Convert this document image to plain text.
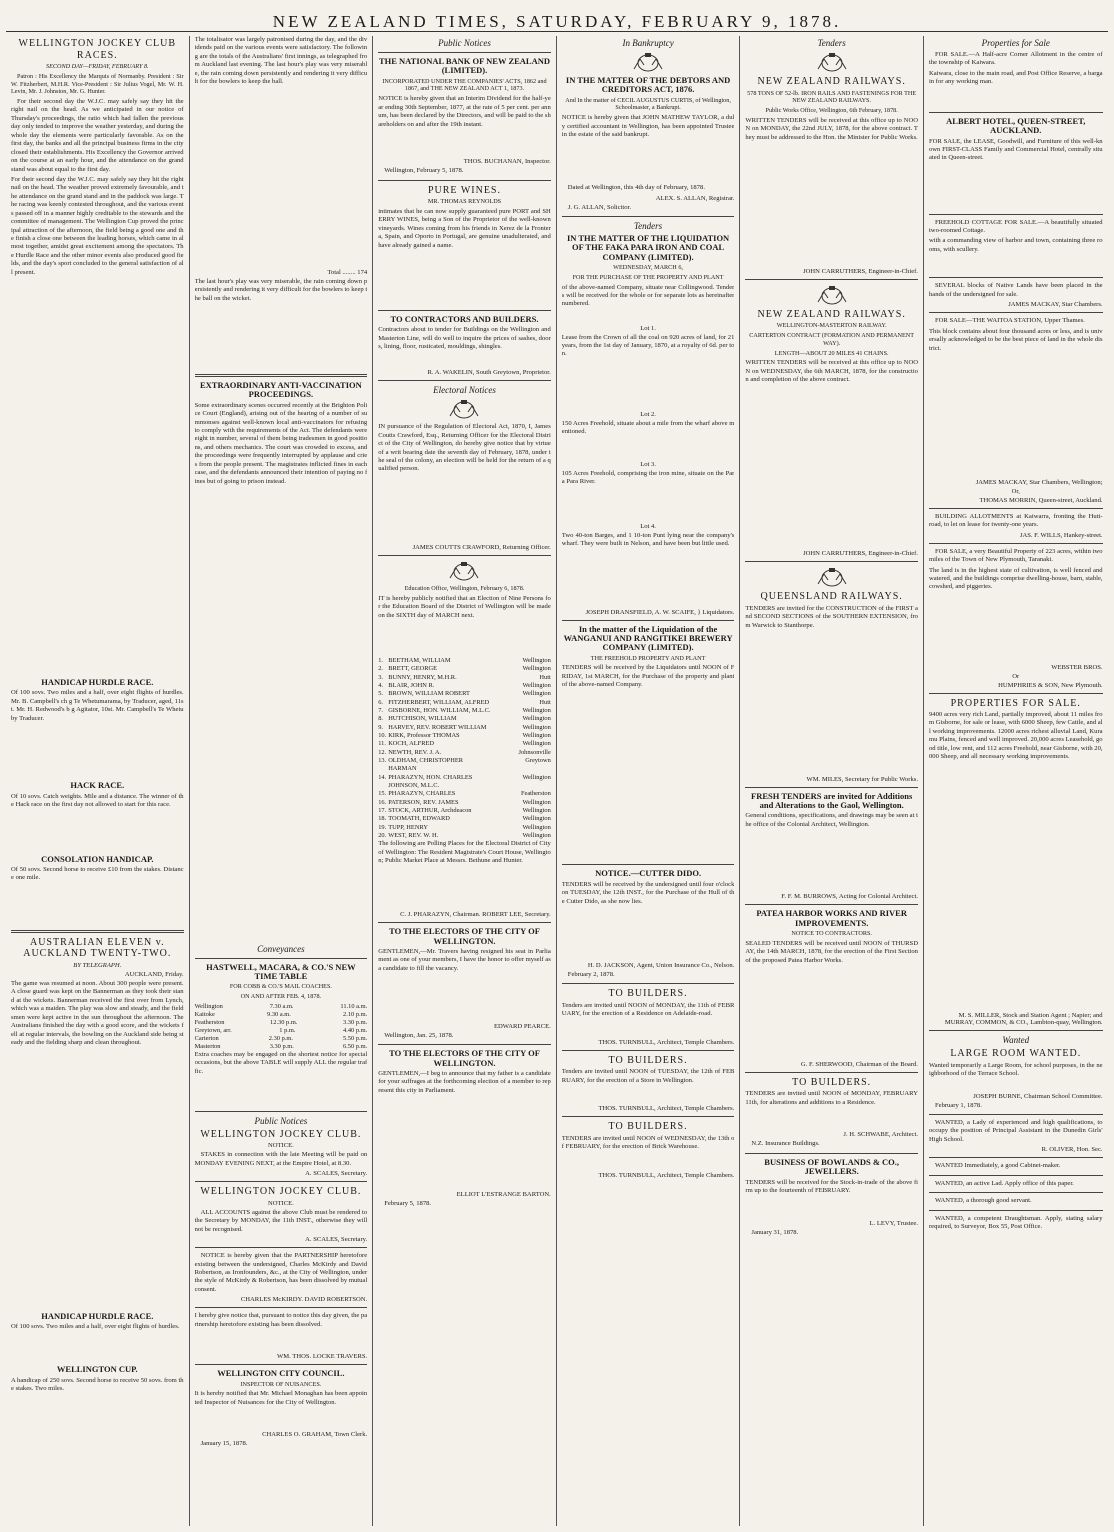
NEW ZEALAND TIMES, SATURDAY, FEBRUARY 9, 1878.
WELLINGTON JOCKEY CLUB RACES.
SECOND DAY—FRIDAY, FEBRUARY 8.
Patron : His Excellency the Marquis of Normanby. President : Sir W. Fitzherbert, M.H.R. Vice-President : Sir Julius Vogel, Mr. W. H. Levin, Mr. J. Johnston, Mr. G. Hunter.
For their second day the W.J.C. may safely say they hit the right nail on the head. As we anticipated in our notice of Thursday's proceedings, the ratio which had fallen the previous day only tended to improve the weather yesterday, and during the whole day the elements were particularly favorable. As on the first day, the banks and all the principal business firms in the city closed their establishments. His Excellency the Governor arrived on the course at an early hour, and the attendance on the grand stand was about equal to the first day.
For their second day the W.J.C. may safely say they hit the right nail on the head. The weather proved extremely favourable, and the attendance on the grand stand and in the paddock was large. The racing was keenly contested throughout, and the various events passed off in a manner highly creditable to the stewards and the committee of management. The Wellington Cup proved the principal attraction of the afternoon, the field being a good one and the finish a close one between the leading horses, which came in almost together, amidst great excitement among the spectators. The Hurdle Race and the other minor events also produced good fields, and the day's sport concluded to the general satisfaction of all present.
HANDICAP HURDLE RACE.
Of 100 sovs. Two miles and a half, over eight flights of hurdles. Mr. B. Campbell's ch g Te Whetumarama, by Traducer, aged, 11st. Mr. H. Redwood's b g Agitator, 10st. Mr. Campbell's Te Whetu by Traducer.
HACK RACE.
Of 10 sovs. Catch weights. Mile and a distance. The winner of the Hack race on the first day not allowed to start for this race.
CONSOLATION HANDICAP.
Of 50 sovs. Second horse to receive £10 from the stakes. Distance one mile.
AUSTRALIAN ELEVEN v. AUCKLAND TWENTY-TWO.
BY TELEGRAPH.
AUCKLAND, Friday.
The game was resumed at noon. About 300 people were present. A close guard was kept on the Bannerman as they took their stand at the wickets. Bannerman received the first over from Lynch, which was a maiden. The play was slow and steady, and the fieldsmen were kept active in the sun throughout the afternoon. The Australians finished the day with a good score, and the wickets fell at regular intervals, the bowling on the Auckland side being steady and the fielding sharp and clean throughout.
HANDICAP HURDLE RACE.
Of 100 sovs. Two miles and a half, over eight flights of hurdles.
WELLINGTON CUP.
A handicap of 250 sovs. Second horse to receive 50 sovs. from the stakes. Two miles.
The totalisator was largely patronised during the day, and the dividends paid on the various events were satisfactory. The following are the totals of the Australians' first innings, as telegraphed from Auckland last evening. The last hour's play was very miserable, the rain coming down persistently and rendering it very difficult for the bowlers to keep the ball.
Total ........ 174
The last hour's play was very miserable, the rain coming down persistently and rendering it very difficult for the bowlers to keep the ball on the wicket.
EXTRAORDINARY ANTI-VACCINATION PROCEEDINGS.
Some extraordinary scenes occurred recently at the Brighton Police Court (England), arising out of the hearing of a number of summonses against well-known local anti-vaccinators for refusing to comply with the requirements of the Act. The defendants were eight in number, several of them being tradesmen in good positions, and others mechanics. The court was crowded to excess, and the proceedings were frequently interrupted by applause and cries from the people present. The magistrates inflicted fines in each case, and the defendants announced their intention of paying no fines but of going to prison instead.
Conveyances
HASTWELL, MACARA, & CO.'S NEW TIME TABLE
FOR COBB & CO.'S MAIL COACHES.
ON AND AFTER FEB. 4, 1878.
Wellington	7.30 a.m.	11.10 a.m.
Kaitoke	9.30 a.m.	2.10 p.m.
Featherston	12.30 p.m.	3.30 p.m.
Greytown, arr.	1 p.m.	4.40 p.m.
Carterton	2.30 p.m.	5.50 p.m.
Masterton	3.30 p.m.	6.50 p.m.
Extra coaches may be engaged on the shortest notice for special occasions, but the above TABLE will supply ALL the regular traffic.
Public Notices
WELLINGTON JOCKEY CLUB.
NOTICE.
STAKES in connection with the late Meeting will be paid on MONDAY EVENING NEXT, at the Empire Hotel, at 8.30.
A. SCALES, Secretary.
WELLINGTON JOCKEY CLUB.
NOTICE.
ALL ACCOUNTS against the above Club must be rendered to the Secretary by MONDAY, the 11th INST., otherwise they will not be recognised.
A. SCALES, Secretary.
NOTICE is hereby given that the PARTNERSHIP heretofore existing between the undersigned, Charles McKirdy and David Robertson, as Ironfounders, &c., at the City of Wellington, under the style of McKirdy & Robertson, has been dissolved by mutual consent.
CHARLES McKIRDY. DAVID ROBERTSON.
I hereby give notice that, pursuant to notice this day given, the partnership heretofore existing has been dissolved.
WM. THOS. LOCKE TRAVERS.
WELLINGTON CITY COUNCIL.
INSPECTOR OF NUISANCES.
It is hereby notified that Mr. Michael Monaghan has been appointed Inspector of Nuisances for the City of Wellington.
CHARLES O. GRAHAM, Town Clerk.
January 15, 1878.
Public Notices
THE NATIONAL BANK OF NEW ZEALAND (LIMITED).
INCORPORATED UNDER THE COMPANIES' ACTS, 1862 and 1867, and THE NEW ZEALAND ACT 1, 1873.
NOTICE is hereby given that an Interim Dividend for the half-year ending 30th September, 1877, at the rate of 5 per cent. per annum, has been declared by the Directors, and will be paid to the shareholders on and after the 19th instant.
THOS. BUCHANAN, Inspector.
Wellington, February 5, 1878.
PURE WINES.
MR. THOMAS REYNOLDS
intimates that he can now supply guaranteed pure PORT and SHERRY WINES, being a Son of the Proprietor of the well-known vineyards. Wines coming from his friends in Xerez de la Frontera, Spain, and Oporto in Portugal, are genuine unadulterated, and have already gained a name.
TO CONTRACTORS AND BUILDERS.
Contractors about to tender for Buildings on the Wellington and Masterton Line, will do well to inquire the prices of sashes, doors, lining, floor, rusticated, mouldings, shingles.
R. A. WAKELIN, South Greytown, Proprietor.
Electoral Notices
IN pursuance of the Regulation of Electoral Act, 1870, I, James Coutts Crawford, Esq., Returning Officer for the Electoral District of the City of Wellington, do hereby give notice that by virtue of a writ bearing date the seventh day of February, 1878, under the seal of the colony, an election will be held for the return of a qualified person.
JAMES COUTTS CRAWFORD, Returning Officer.
Education Office, Wellington, February 6, 1878.
IT is hereby publicly notified that an Election of Nine Persons for the Education Board of the District of Wellington will be made on the SIXTH day of MARCH next.
1. BEETHAM, WILLIAM	Wellington
2. BRETT, GEORGE	Wellington
3. BUNNY, HENRY, M.H.R.	Hutt
4. BLAIR, JOHN R.	Wellington
5. BROWN, WILLIAM ROBERT	Wellington
6. FITZHERBERT, WILLIAM, ALFRED	Hutt
7. GISBORNE, HON. WILLIAM, M.L.C.	Wellington
8. HUTCHISON, WILLIAM	Wellington
9. HARVEY, REV. ROBERT WILLIAM	Wellington
10. KIRK, Professor THOMAS	Wellington
11. KOCH, ALFRED	Wellington
12. NEWTH, REV. J. A.	Johnsonville
13. OLDHAM, CHRISTOPHER HARMAN
Greytown
14. PHARAZYN, HON. CHARLES JOHNSON, M.L.C.
Wellington
15. PHARAZYN, CHARLES	Featherston
16. PATERSON, REV. JAMES	Wellington
17. STOCK, ARTHUR, Archdeacon	Wellington
18. TOOMATH, EDWARD	Wellington
19. TUPP, HENRY	Wellington
20. WEST, REV. W. H.	Wellington
The following are Polling Places for the Electoral District of City of Wellington: The Resident Magistrate's Court House, Wellington; Public Market Place at Messrs. Bethune and Hunter.
C. J. PHARAZYN, Chairman. ROBERT LEE, Secretary.
TO THE ELECTORS OF THE CITY OF WELLINGTON.
GENTLEMEN,—Mr. Travers having resigned his seat in Parliament as one of your members, I have the honor to offer myself as a candidate to fill the vacancy.
EDWARD PEARCE.
Wellington, Jan. 25, 1878.
TO THE ELECTORS OF THE CITY OF WELLINGTON.
GENTLEMEN,—I beg to announce that my father is a candidate for your suffrages at the forthcoming election of a member to represent this city in Parliament.
ELLIOT L'ESTRANGE BARTON.
February 5, 1878.
In Bankruptcy
IN THE MATTER OF THE DEBTORS AND CREDITORS ACT, 1876.
And In the matter of CECIL AUGUSTUS CURTIS, of Wellington, Schoolmaster, a Bankrupt.
NOTICE is hereby given that JOHN MATHEW TAYLOR, a duly certified accountant in Wellington, has been appointed Trustee in the estate of the said bankrupt.
Dated at Wellington, this 4th day of February, 1878.
ALEX. S. ALLAN, Registrar.
J. G. ALLAN, Solicitor.
Tenders
IN THE MATTER OF THE LIQUIDATION OF THE FAKA PARA IRON AND COAL COMPANY (LIMITED).
WEDNESDAY, MARCH 6,
FOR THE PURCHASE OF THE PROPERTY AND PLANT
of the above-named Company, situate near Collingwood. Tenders will be received for the whole or for separate lots as hereinafter numbered.
Lot 1.
Lease from the Crown of all the coal on 920 acres of land, for 21 years, from the 1st day of January, 1870, at a royalty of 6d. per ton.
Lot 2.
150 Acres Freehold, situate about a mile from the wharf above mentioned.
Lot 3.
105 Acres Freehold, comprising the iron mine, situate on the Para Para River.
Lot 4.
Two 40-ton Barges, and 1 10-ton Punt lying near the company's wharf. They were built in Nelson, and have been but little used.
JOSEPH DRANSFIELD, A. W. SCAIFE, } Liquidators.
In the matter of the Liquidation of the WANGANUI AND RANGITIKEI BREWERY COMPANY (LIMITED).
THE FREEHOLD PROPERTY AND PLANT
TENDERS will be received by the Liquidators until NOON of FRIDAY, 1st MARCH, for the Purchase of the property and plant of the above-named Company.
NOTICE.—CUTTER DIDO.
TENDERS will be received by the undersigned until four o'clock on TUESDAY, the 12th INST., for the Purchase of the Hull of the Cutter Dido, as she now lies.
H. D. JACKSON, Agent, Union Insurance Co., Nelson.
February 2, 1878.
TO BUILDERS.
Tenders are invited until NOON of MONDAY, the 11th of FEBRUARY, for the erection of a Residence on Adelaide-road.
THOS. TURNBULL, Architect, Temple Chambers.
TO BUILDERS.
Tenders are invited until NOON of TUESDAY, the 12th of FEBRUARY, for the erection of a Store in Wellington.
THOS. TURNBULL, Architect, Temple Chambers.
TO BUILDERS.
TENDERS are invited until NOON of WEDNESDAY, the 13th of FEBRUARY, for the erection of Brick Warehouse.
THOS. TURNBULL, Architect, Temple Chambers.
Tenders
NEW ZEALAND RAILWAYS.
578 TONS OF 52-lb. IRON RAILS AND FASTENINGS FOR THE NEW ZEALAND RAILWAYS.
Public Works Office, Wellington, 6th February, 1878.
WRITTEN TENDERS will be received at this office up to NOON on MONDAY, the 22nd JULY, 1878, for the above contract. They must be addressed to the Hon. the Minister for Public Works.
JOHN CARRUTHERS, Engineer-in-Chief.
NEW ZEALAND RAILWAYS.
WELLINGTON-MASTERTON RAILWAY.
CARTERTON CONTRACT (FORMATION AND PERMANENT WAY).
LENGTH—ABOUT 20 MILES 41 CHAINS.
WRITTEN TENDERS will be received at this office up to NOON on WEDNESDAY, the 6th MARCH, 1878, for the construction and completion of the above contract.
JOHN CARRUTHERS, Engineer-in-Chief.
QUEENSLAND RAILWAYS.
TENDERS are invited for the CONSTRUCTION of the FIRST and SECOND SECTIONS of the SOUTHERN EXTENSION, from Warwick to Stanthorpe.
WM. MILES, Secretary for Public Works.
FRESH TENDERS are invited for Additions and Alterations to the Gaol, Wellington.
General conditions, specifications, and drawings may be seen at the office of the Colonial Architect, Wellington.
F. F. M. BURROWS, Acting for Colonial Architect.
PATEA HARBOR WORKS AND RIVER IMPROVEMENTS.
NOTICE TO CONTRACTORS.
SEALED TENDERS will be received until NOON of THURSDAY, the 14th MARCH, 1878, for the erection of the First Section of the proposed Patea Harbor Works.
G. F. SHERWOOD, Chairman of the Board.
TO BUILDERS.
TENDERS are invited until NOON of MONDAY, FEBRUARY 11th, for alterations and additions to a Residence.
J. H. SCHWABE, Architect.
N.Z. Insurance Buildings.
BUSINESS OF BOWLANDS & CO., JEWELLERS.
TENDERS will be received for the Stock-in-trade of the above firm up to the fourteenth of FEBRUARY.
L. LEVY, Trustee.
January 31, 1878.
Properties for Sale
FOR SALE.—A Half-acre Corner Allotment in the centre of the township of Kaiwara.
Kaiwara, close to the main road, and Post Office Reserve, a bargain for any working man.
ALBERT HOTEL, QUEEN-STREET, AUCKLAND.
FOR SALE, the LEASE, Goodwill, and Furniture of this well-known FIRST-CLASS Family and Commercial Hotel, centrally situated in Queen-street.
FREEHOLD COTTAGE FOR SALE.—A beautifully situated two-roomed Cottage.
with a commanding view of harbor and town, containing three rooms, with scullery.
SEVERAL blocks of Native Lands have been placed in the hands of the undersigned for sale.
JAMES MACKAY, Star Chambers.
FOR SALE—THE WAITOA STATION, Upper Thames.
This block contains about four thousand acres or less, and is universally acknowledged to be the best piece of land in the whole district.
JAMES MACKAY, Star Chambers, Wellington;
Or,
THOMAS MORRIN, Queen-street, Auckland.
BUILDING ALLOTMENTS at Kaiwarra, fronting the Hutt-road, to let on lease for twenty-one years.
JAS. F. WILLS, Hankey-street.
FOR SALE, a very Beautiful Property of 223 acres, within two miles of the Town of New Plymouth, Taranaki.
The land is in the highest state of cultivation, is well fenced and watered, and the buildings comprise dwelling-house, barn, stable, cowshed, and piggeries.
WEBSTER BROS.
Or
HUMPHRIES & SON, New Plymouth.
PROPERTIES FOR SALE.
9400 acres very rich Land, partially improved, about 11 miles from Gisborne, for sale or lease, with 6000 Sheep, few Cattle, and all working improvements. 12000 acres richest alluvial Land, Kuramu Plains, fenced and well improved. 20,000 acres Leasehold, good title, low rent, and 112 acres Freehold, near Gisborne, with 20,000 Sheep, and all necessary working improvements.
M. S. MILLER, Stock and Station Agent ; Napier; and MURRAY, COMMON, & CO., Lambton-quay, Wellington.
Wanted
LARGE ROOM WANTED.
Wanted temporarily a Large Room, for school purposes, in the neighborhood of the Terrace School.
JOSEPH BURNE, Chairman School Committee.
February 1, 1878.
WANTED, a Lady of experienced and high qualifications, to occupy the position of Principal Assistant in the Dunedin Girls' High School.
R. OLIVER, Hon. Sec.
WANTED Immediately, a good Cabinet-maker.
WANTED, an active Lad. Apply office of this paper.
WANTED, a thorough good servant.
WANTED, a competent Draughtsman. Apply, stating salary required, to Surveyor, Box 55, Post Office.
